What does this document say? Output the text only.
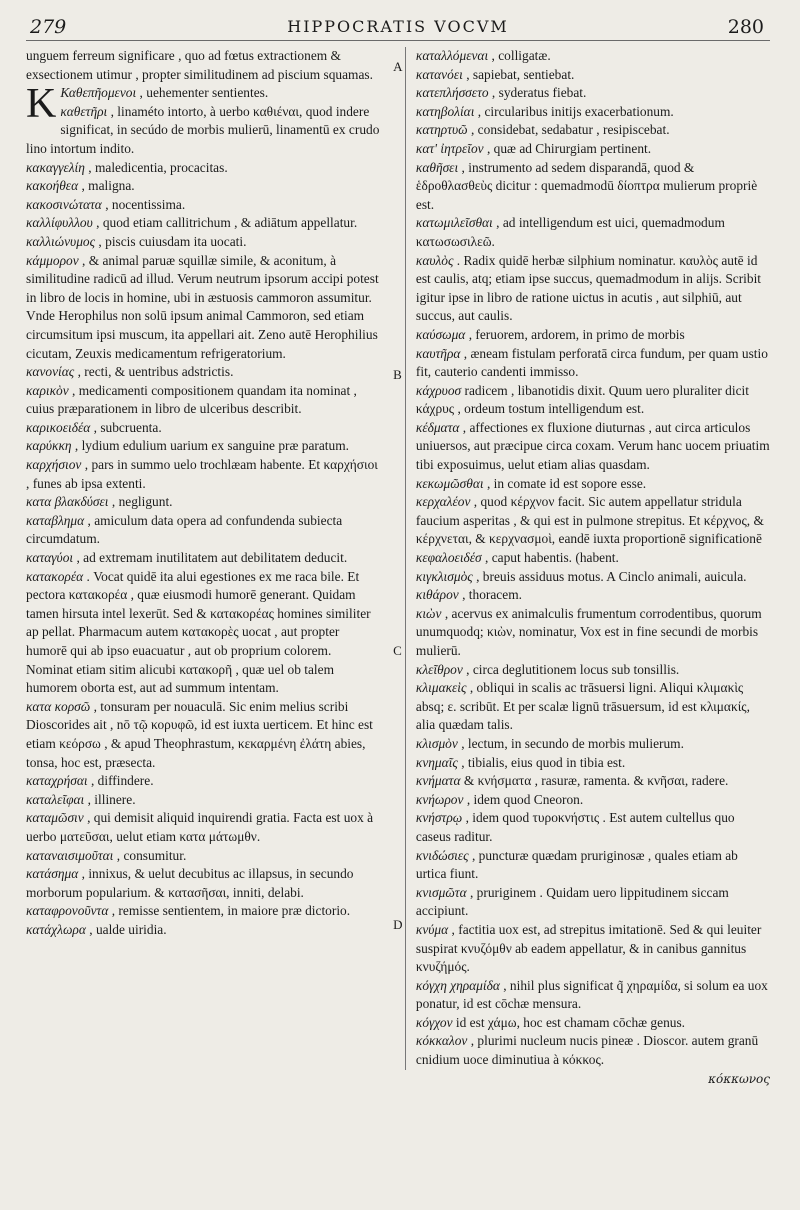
279	HIPPOCRATIS VOCVM	280

unguem ferreum significare , quo ad fœtus extractionem & exsectionem utimur , propter similitudinem ad piscium squamas.

K Καθεπῆομενοι , uehementer sentientes.

καθετῆρι , linaméto intorto, à uerbo καθιέναι, quod indere significat, in secúdo de morbis mulierū, linamentū ex crudo lino intortum indito.

κακαγγελίη , maledicentia, procacitas.

κακοήθεα , maligna.

κακοσινώτατα , nocentissima.

καλλίφυλλου , quod etiam callitrichum , & adiātum appellatur.

καλλιώνυμος , piscis cuiusdam ita uocati.

κάμμορον , & animal paruæ squillæ simile, & aconitum, à similitudine radicū ad illud. Verum neutrum ipsorum accipi potest in libro de locis in homine, ubi in æstuosis cammoron assumitur. Vnde Herophilus non solū ipsum animal Cammoron, sed etiam circumsitum ipsi muscum, ita appellari ait. Zeno autē Herophilius cicutam, Zeuxis medicamentum refrigeratorium.

κανονίας , recti, & uentribus adstrictis.

καρικὸν , medicamenti compositionem quandam ita nominat , cuius præparationem in libro de ulceribus describit.

καρικοειδέα , subcruenta.

καρύκκη , lydium edulium uarium ex sanguine præ paratum.

καρχήσιον , pars in summo uelo trochlæam habente. Et καρχήσιοι , funes ab ipsa extenti.

κατα βλακδύσει , negligunt.

καταβλημα , amiculum data opera ad confundenda subiecta circumdatum.

καταγύοι , ad extremam inutilitatem aut debilitatem deducit.

κατακορέα . Vocat quidē ita alui egestiones ex me raca bile. Et pectora κατακορέα , quæ eiusmodi humorē generant. Quidam tamen hirsuta intel lexerūt. Sed & κατακορέας homines similiter ap pellat. Pharmacum autem κατακορὲς uocat , aut propter humorē qui ab ipso euacuatur , aut ob proprium colorem. Nominat etiam sitim alicubi κατακορῆ , quæ uel ob talem humorem oborta est, aut ad summum intentam.

κατα κορσῶ , tonsuram per nouaculā. Sic enim melius scribi Dioscorides ait , nō τῷ κορυφῶ, id est iuxta uerticem. Et hinc est etiam κεόρσω , & apud Theophrastum, κεκαρμένη ἐλάτη abies, tonsa, hoc est, præsecta.

καταχρήσαι , diffindere.

καταλεῖφαι , illinere.

καταμῶσιν , qui demisit aliquid inquirendi gratia. Facta est uox à uerbo ματεῦσαι, uelut etiam κατα μάτωμθν.

καταναισιμοῦται , consumitur.

κατάσημα , innixus, & uelut decubitus ac illapsus, in secundo morborum popularium. & κατασῆσαι, inniti, delabi.

καταφρονοῦντα , remisse sentientem, in maiore præ dictorio.

κατάχλωρα , ualde uiridia.

A
B
C
D

καταλλόμεναι , colligatæ.

κατανόει , sapiebat, sentiebat.

κατεπλήσσετο , syderatus fiebat.

κατηβολίαι , circularibus initijs exacerbationum.

κατηρτυῶ , considebat, sedabatur , resipiscebat.

κατ' ἰητρεῖον , quæ ad Chirurgiam pertinent.

καθῆσει , instrumento ad sedem disparandā, quod & ἑδροθλασθεὺς dicitur : quemadmodū δίοπτρα mulierum propriè est.

κατωμιλεῖσθαι , ad intelligendum est uici, quemadmodum κατωσωσιλεῶ.

καυλὸς . Radix quidē herbæ silphium nominatur. καυλὸς autē id est caulis, atq; etiam ipse succus, quemadmodum in alijs. Scribit igitur ipse in libro de ratione uictus in acutis , aut silphiū, aut succus, aut caulis.

καύσωμα , feruorem, ardorem, in primo de morbis

καυτῆρα , æneam fistulam perforatā circa fundum, per quam ustio fit, cauterio candenti immisso.

κάχρυοσ radicem , libanotidis dixit. Quum uero pluraliter dicit κάχρυς , ordeum tostum intelligendum est.

κέδματα , affectiones ex fluxione diuturnas , aut circa articulos uniuersos, aut præcipue circa coxam. Verum hanc uocem priuatim tibi exposuimus, uelut etiam alias quasdam.

κεκωμῶσθαι , in comate id est sopore esse.

κερχαλέον , quod κέρχνον facit. Sic autem appellatur stridula faucium asperitas , & qui est in pulmone strepitus. Et κέρχνος, & κέρχνεται, & κερχνασμοὶ, eandē iuxta proportionē significationē

κεφαλοειδέσ , caput habentis. (habent.

κιγκλισμὸς , breuis assiduus motus. A Cinclo animali, auicula.

κιθάρον , thoracem.

κιὼν , acervus ex animalculis frumentum corrodentibus, quorum unumquodq; κιὼν, nominatur, Vox est in fine secundi de morbis mulierū.

κλεῖθρον , circa deglutitionem locus sub tonsillis.

κλιμακεὶς , obliqui in scalis ac trāsuersi ligni. Aliqui κλιμακὶς absq; ε. scribūt. Et per scalæ lignū trāsuersum, id est κλιμακίς, alia quædam talis.

κλισμὸν , lectum, in secundo de morbis mulierum.

κνημαῖς , tibialis, eius quod in tibia est.

κνήματα & κνήσματα , rasuræ, ramenta. & κνῆσαι, radere.

κνήωρον , idem quod Cneoron.

κνήστρῳ , idem quod τυροκνήστις . Est autem cultellus quo caseus raditur.

κνιδώσιες , puncturæ quædam pruriginosæ , quales etiam ab urtica fiunt.

κνισμῶτα , pruriginem . Quidam uero lippitudinem siccam accipiunt.

κνύμα , factitia uox est, ad strepitus imitationē. Sed & qui leuiter suspirat κνυζόμθν ab eadem appellatur, & in canibus gannitus κνυζήμός.

κόγχη χηραμίδα , nihil plus significat q̃ χηραμίδα, si solum ea uox ponatur, id est cōchæ mensura.

κόγχον id est χάμω, hoc est chamam cōchæ genus.

κόκκαλον , plurimi nucleum nucis pineæ . Dioscor. autem granū cnidium uoce diminutiua à κόκκος.

κόκκωνος
